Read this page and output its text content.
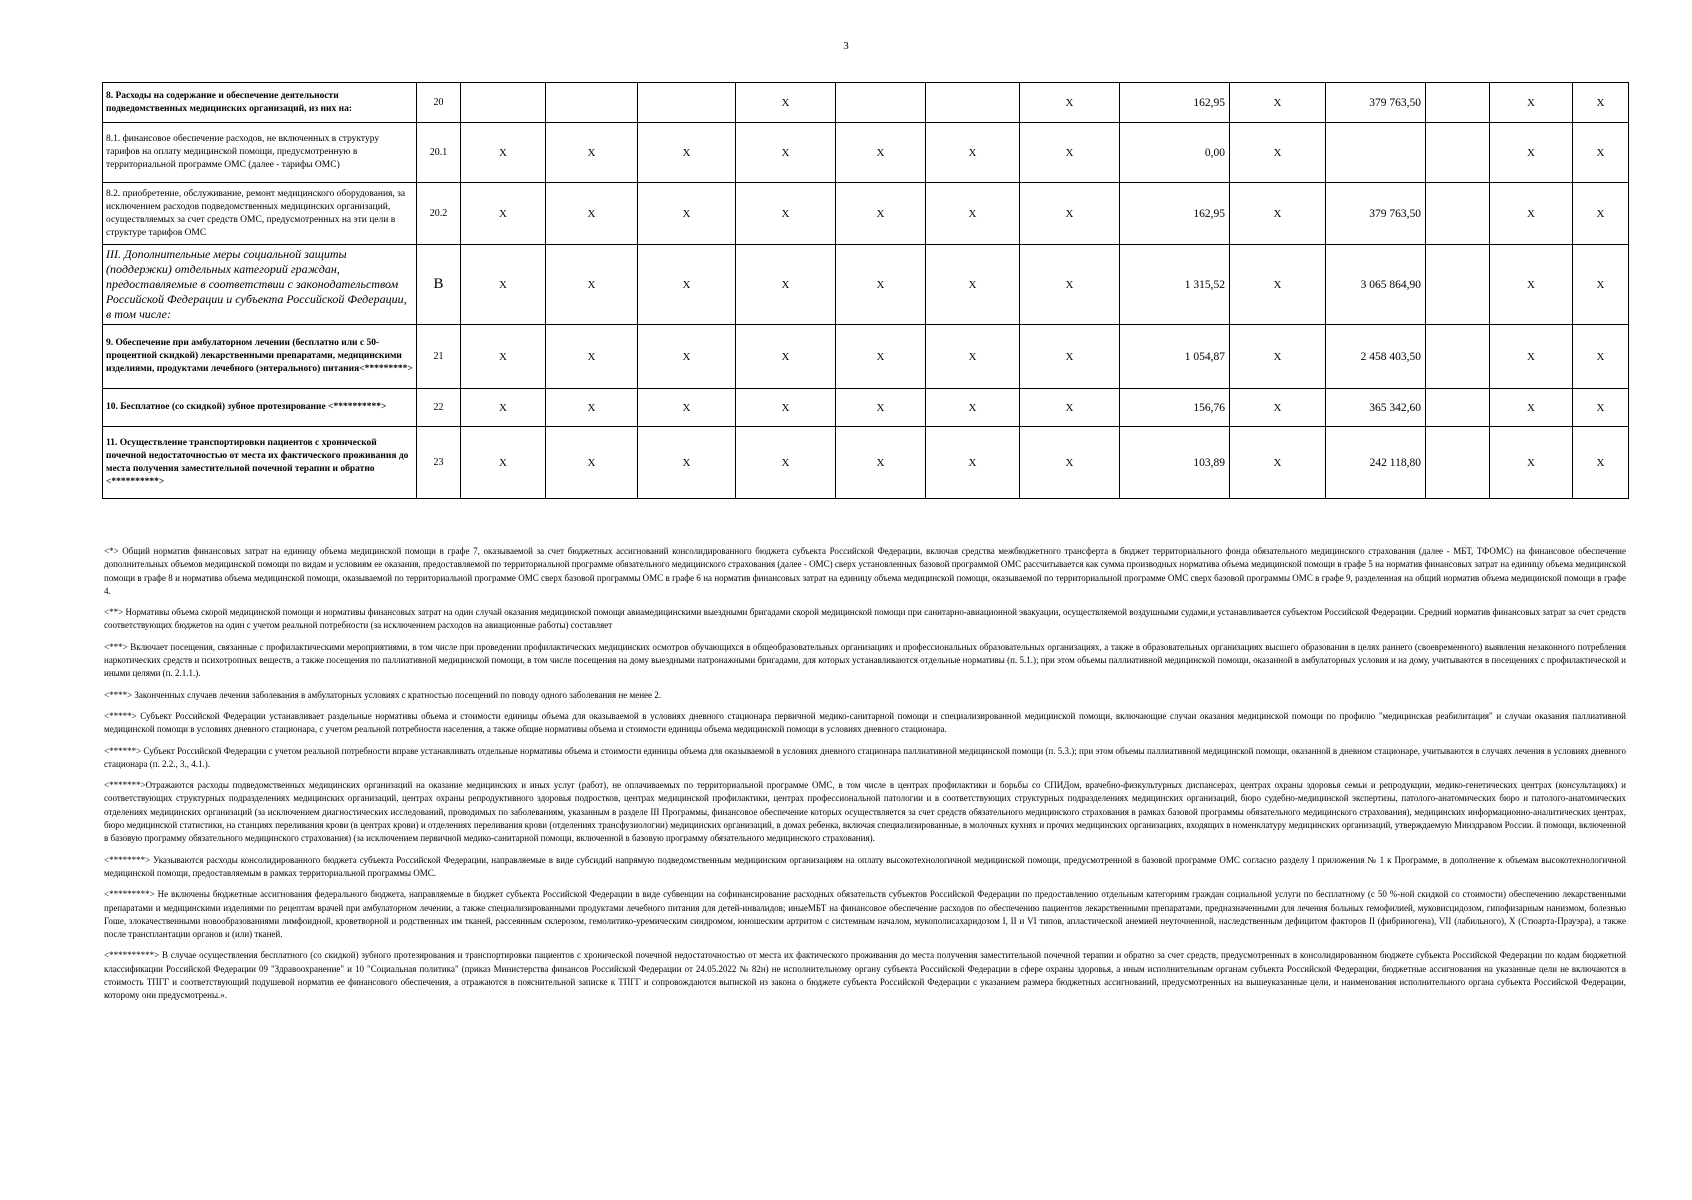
3
8. Расходы на содержание и обеспечение деятельности подведомственных медицинских организаций, из них на:	20				X			X	162,95	X	379 763,50		X	X
8.1. финансовое обеспечение расходов, не включенных в структуру тарифов на оплату медицинской помощи, предусмотренную в территориальной программе ОМС (далее - тарифы ОМС)	20.1	X	X	X	X	X	X	X	0,00	X			X	X
8.2. приобретение, обслуживание, ремонт медицинского оборудования, за исключением расходов подведомственных медицинских организаций, осуществляемых за счет средств ОМС, предусмотренных на эти цели в структуре тарифов ОМС	20.2	X	X	X	X	X	X	X	162,95	X	379 763,50		X	X
III. Дополнительные меры социальной защиты (поддержки) отдельных категорий граждан, предоставляемые в соответствии с законодательством Российской Федерации и субъекта Российской Федерации, в том числе:	В	X	X	X	X	X	X	X	1 315,52	X	3 065 864,90		X	X
9. Обеспечение при амбулаторном лечении (бесплатно или с 50-процентной скидкой) лекарственными препаратами, медицинскими изделиями, продуктами лечебного (энтерального) питания<*********>	21	X	X	X	X	X	X	X	1 054,87	X	2 458 403,50		X	X
10. Бесплатное (со скидкой) зубное протезирование <**********>	22	X	X	X	X	X	X	X	156,76	X	365 342,60		X	X
11. Осуществление транспортировки пациентов с хронической почечной недостаточностью от места их фактического проживания до места получения заместительной почечной терапии и обратно <**********>	23	X	X	X	X	X	X	X	103,89	X	242 118,80		X	X

<*> Общий норматив финансовых затрат на единицу объема медицинской помощи в графе 7, оказываемой за счет бюджетных ассигнований консолидированного бюджета субъекта Российской Федерации, включая средства межбюджетного трансферта в бюджет территориального фонда обязательного медицинского страхования (далее - МБТ, ТФОМС) на финансовое обеспечение дополнительных объемов медицинской помощи по видам и условиям ее оказания, предоставляемой по территориальной программе обязательного медицинского страхования (далее - ОМС) сверх установленных базовой программой ОМС рассчитывается как сумма производных норматива объема медицинской помощи в графе 5 на норматив финансовых затрат на единицу объема медицинской помощи в графе 8 и норматива объема медицинской помощи, оказываемой по территориальной программе ОМС сверх базовой программы ОМС в графе 6 на норматив финансовых затрат на единицу объема медицинской помощи, оказываемой по территориальной программе ОМС сверх базовой программы ОМС в графе 9, разделенная на общий норматив объема медицинской помощи в графе 4.

<**> Нормативы объема скорой медицинской помощи и нормативы финансовых затрат на один случай оказания медицинской помощи авиамедицинскими выездными бригадами скорой медицинской помощи при санитарно-авиационной эвакуации, осуществляемой воздушными судами,и устанавливается субъектом Российской Федерации. Средний норматив финансовых затрат за счет средств соответствующих бюджетов на один с учетом реальной потребности (за исключением расходов на авиационные работы) составляет

<***> Включает посещения, связанные с профилактическими мероприятиями, в том числе при проведении профилактических медицинских осмотров обучающихся в общеобразовательных организациях и профессиональных образовательных организациях, а также в образовательных организациях высшего образования в целях раннего (своевременного) выявления незаконного потребления наркотических средств и психотропных веществ, а также посещения по паллиативной медицинской помощи, в том числе посещения на дому выездными патронажными бригадами, для которых устанавливаются отдельные нормативы (п. 5.1.); при этом объемы паллиативной медицинской помощи, оказанной в амбулаторных условия и на дому, учитываются в посещениях с профилактической и иными целями (п. 2.1.1.).

<****> Законченных случаев лечения заболевания в амбулаторных условиях с кратностью посещений по поводу одного заболевания не менее 2.

<*****> Субъект Российской Федерации устанавливает раздельные нормативы объема и стоимости единицы объема для оказываемой в условиях дневного стационара первичной медико-санитарной помощи и специализированной медицинской помощи, включающие случаи оказания медицинской помощи по профилю "медицинская реабилитация" и случаи оказания паллиативной медицинской помощи в условиях дневного стационара, с учетом реальной потребности населения, а также общие нормативы объема и стоимости единицы объема медицинской помощи в условиях дневного стационара.

<******> Субъект Российской Федерации с учетом реальной потребности вправе устанавливать отдельные нормативы объема и стоимости единицы объема для оказываемой в условиях дневного стационара паллиативной медицинской помощи (п. 5.3.); при этом объемы паллиативной медицинской помощи, оказанной в дневном стационаре, учитываются в случаях лечения в условиях дневного стационара (п. 2.2., 3., 4.1.).

<*******>Отражаются расходы подведомственных медицинских организаций на оказание медицинских и иных услуг (работ), не оплачиваемых по территориальной программе ОМС, в том числе в центрах профилактики и борьбы со СПИДом, врачебно-физкультурных диспансерах, центрах охраны здоровья семьи и репродукции, медико-генетических центрах (консультациях) и соответствующих структурных подразделениях медицинских организаций, центрах охраны репродуктивного здоровья подростков, центрах медицинской профилактики, центрах профессиональной патологии и в соответствующих структурных подразделениях медицинских организаций, бюро судебно-медицинской экспертизы, патолого-анатомических бюро и патолого-анатомических отделениях медицинских организаций (за исключением диагностических исследований, проводимых по заболеваниям, указанным в разделе III Программы, финансовое обеспечение которых осуществляется за счет средств обязательного медицинского страхования в рамках базовой программы обязательного медицинского страхования), медицинских информационно-аналитических центрах, бюро медицинской статистики, на станциях переливания крови (в центрах крови) и отделениях переливания крови (отделениях трансфузиологии) медицинских организаций, в домах ребенка, включая специализированные, в молочных кухнях и прочих медицинских организациях, входящих в номенклатуру медицинских организаций, утверждаемую Минздравом России. й помощи, включенной в базовую программу обязательного медицинского страхования) (за исключением первичной медико-санитарной помощи, включенной в базовую программу обязательного медицинского страхования).

<********> Указываются расходы консолидированного бюджета субъекта Российской Федерации, направляемые в виде субсидий напрямую подведомственным медицинским организациям на оплату высокотехнологичной медицинской помощи, предусмотренной в базовой программе ОМС согласно разделу I приложения № 1 к Программе, в дополнение к объемам высокотехнологичной медицинской помощи, предоставляемым в рамках территориальной программы ОМС.

<*********> Не включены бюджетные ассигнования федерального бюджета, направляемые в бюджет субъекта Российской Федерации в виде субвенции на софинансирование расходных обязательств субъектов Российской Федерации по предоставлению отдельным категориям граждан социальной услуги по бесплатному (с 50 %-ной скидкой со стоимости) обеспечению лекарственными препаратами и медицинскими изделиями по рецептам врачей при амбулаторном лечении, а также специализированными продуктами лечебного питания для детей-инвалидов; иныеМБТ на финансовое обеспечение расходов по обеспечению пациентов лекарственными препаратами, предназначенными для лечения больных гемофилией, муковисцидозом, гипофизарным нанизмом, болезнью Гоше, злокачественными новообразованиями лимфоидной, кроветворной и родственных им тканей, рассеянным склерозом, гемолитико-уремическим синдромом, юношеским артритом с системным началом, мукополисахаридозом I, II и VI типов, апластической анемией неуточненной, наследственным дефицитом факторов II (фибриногена), VII (лабильного), X (Стюарта-Прауэра), а также после трансплантации органов и (или) тканей.

<**********> В случае осуществления бесплатного (со скидкой) зубного протезирования и транспортировки пациентов с хронической почечной недостаточностью от места их фактического проживания до места получения заместительной почечной терапии и обратно за счет средств, предусмотренных в консолидированном бюджете субъекта Российской Федерации по кодам бюджетной классификации Российской Федерации 09 "Здравоохранение" и 10 "Социальная политика" (приказ Министерства финансов Российской Федерации от 24.05.2022 № 82н) не исполнительному органу субъекта Российской Федерации в сфере охраны здоровья, а иным исполнительным органам субъекта Российской Федерации, бюджетные ассигнования на указанные цели не включаются в стоимость ТПГГ и соответствующий подушевой норматив ее финансового обеспечения, а отражаются в пояснительной записке к ТПГГ и сопровождаются выпиской из закона о бюджете субъекта Российской Федерации с указанием размера бюджетных ассигнований, предусмотренных на вышеуказанные цели, и наименования исполнительного органа субъекта Российской Федерации, которому они предусмотрены.».
